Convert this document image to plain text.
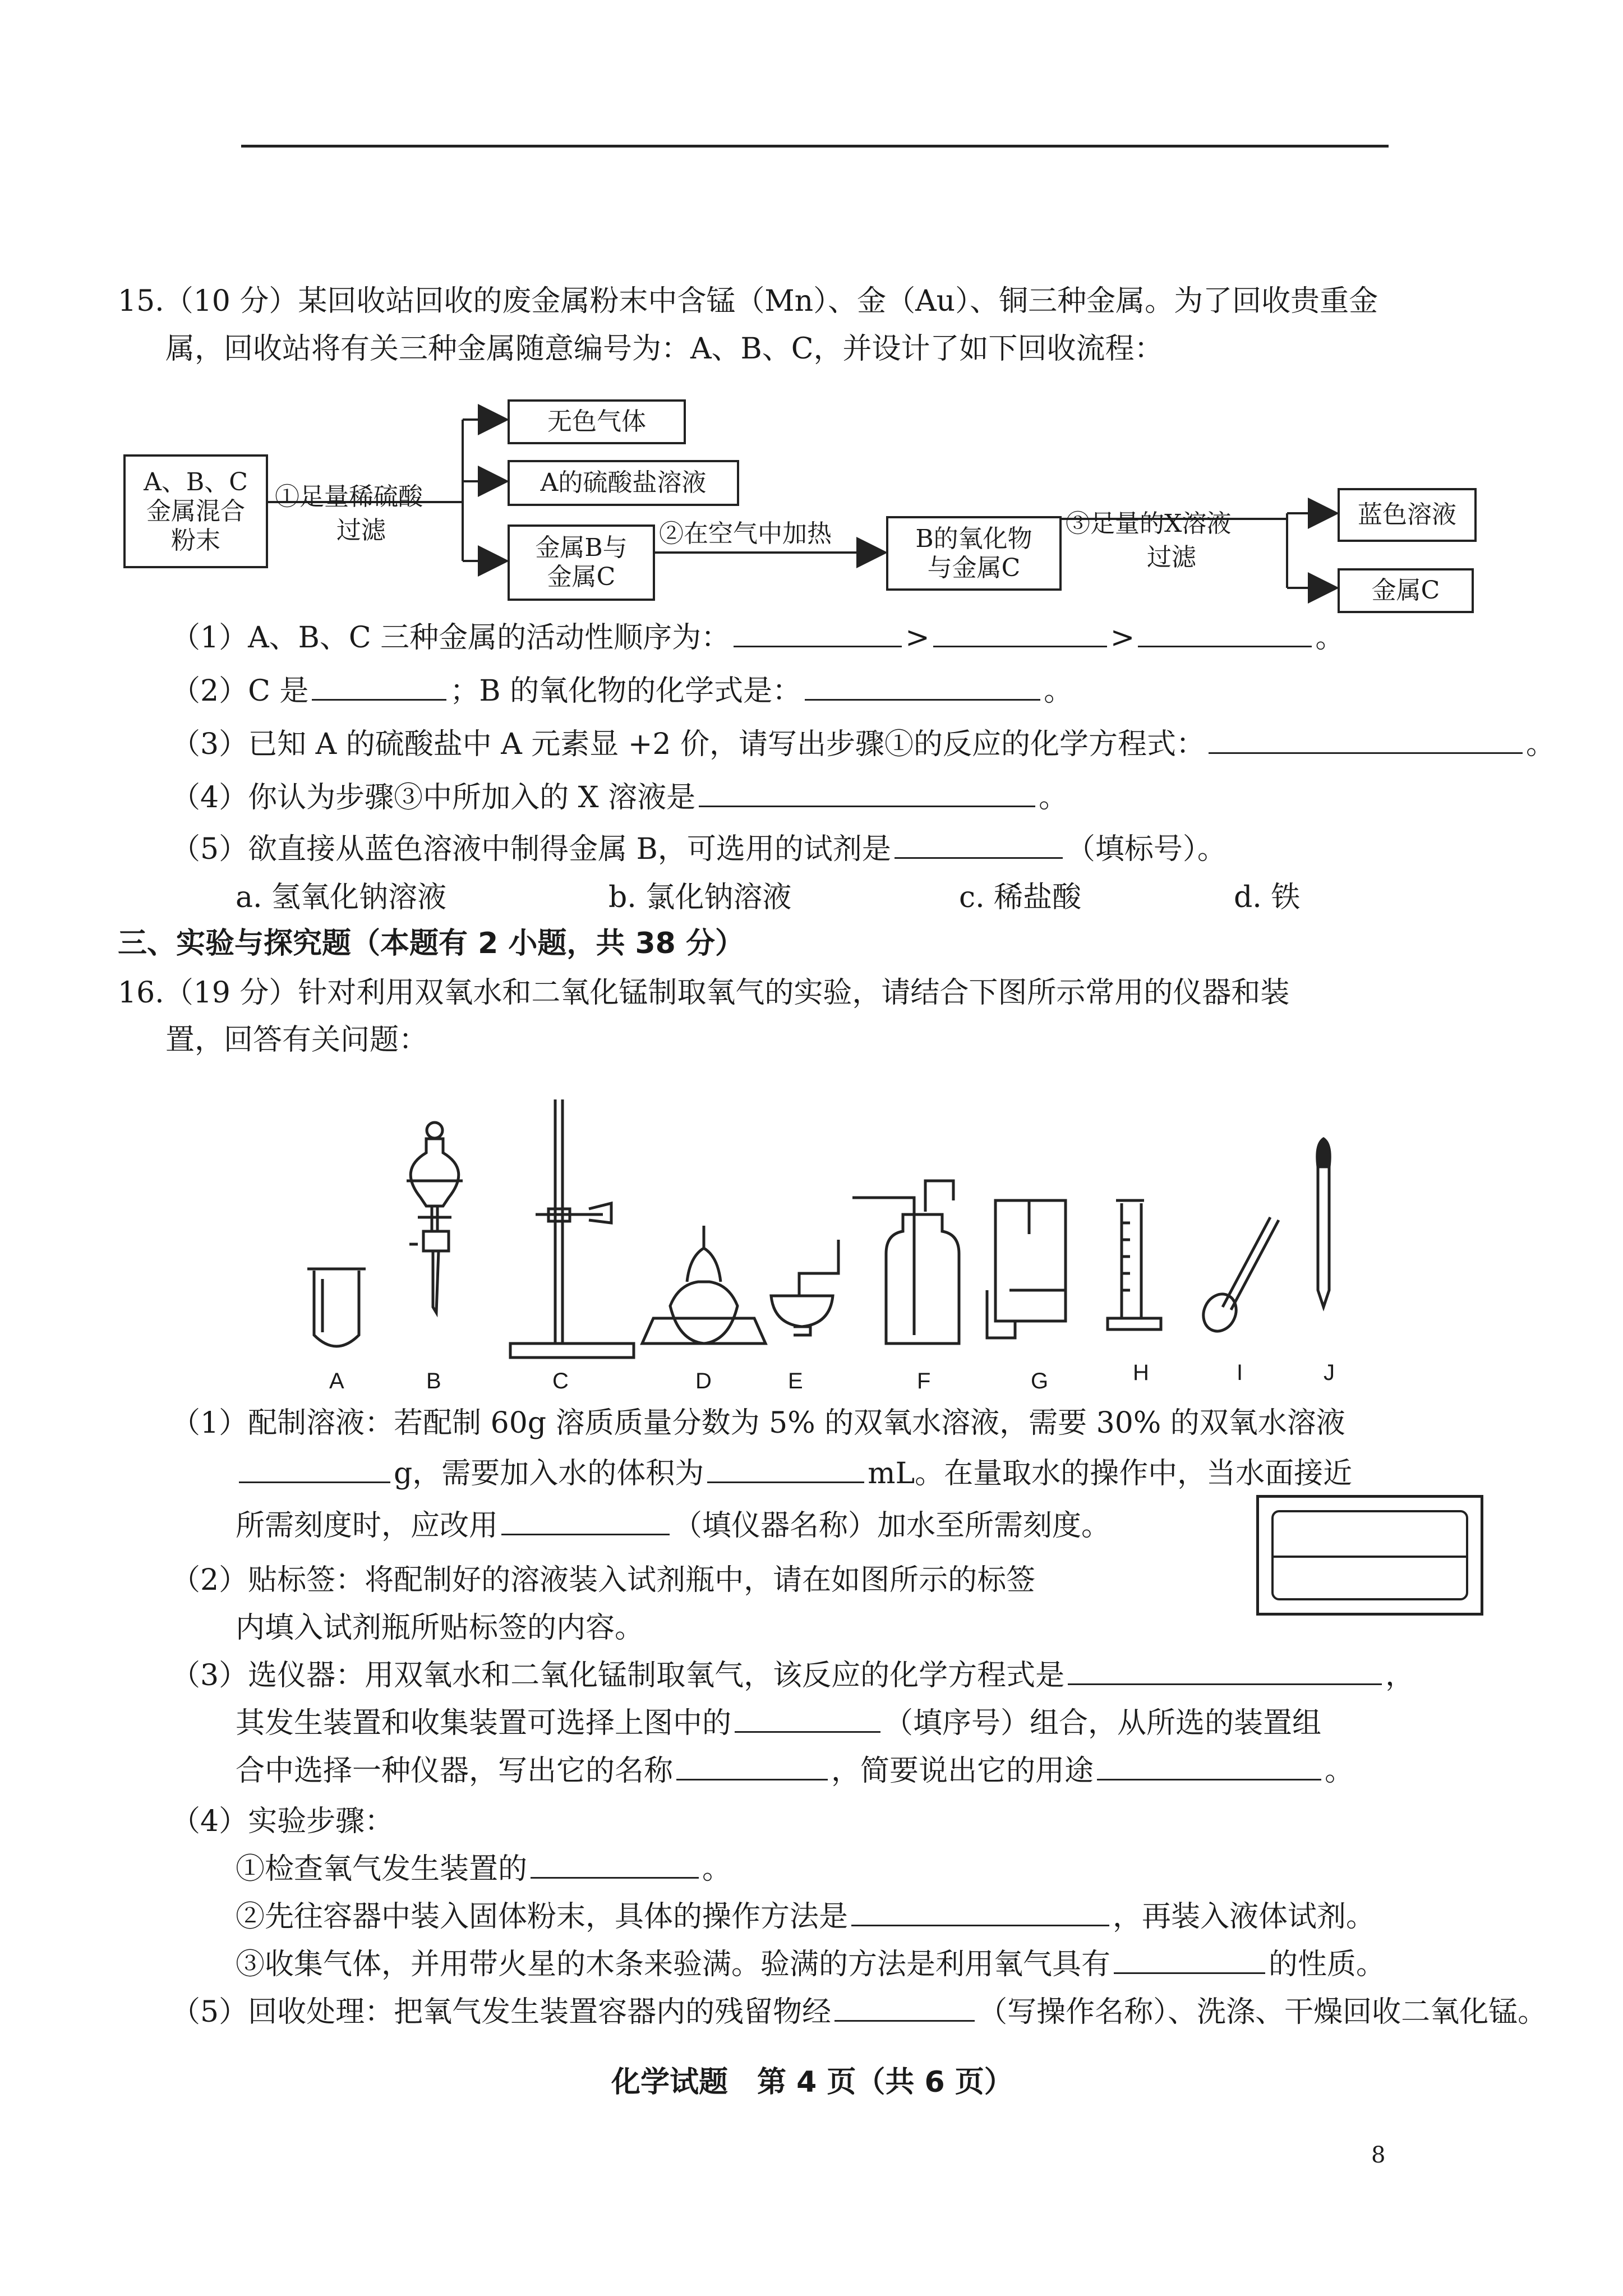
15.（10 分）某回收站回收的废金属粉末中含锰（Mn）、金（Au）、铜三种金属。为了回收贵重金
属，回收站将有关三种金属随意编号为：A、B、C，并设计了如下回收流程：
A、B、C
金属混合
粉末
①足量稀硫酸
过滤
无色气体
A的硫酸盐溶液
金属B与
金属C
②在空气中加热	B的氧化物
与金属C
③足量的X溶液
过滤
蓝色溶液
金属C
（1）A、B、C 三种金属的活动性顺序为：	>	>	。
（2）C 是	；B 的氧化物的化学式是：	。
（3）已知 A 的硫酸盐中 A 元素显 +2 价，请写出步骤①的反应的化学方程式：	。
（4）你认为步骤③中所加入的 X 溶液是	。
（5）欲直接从蓝色溶液中制得金属 B，可选用的试剂是	（填标号）。
a. 氢氧化钠溶液	b. 氯化钠溶液	c. 稀盐酸	d. 铁
三、实验与探究题（本题有 2 小题，共 38 分）
16.（19 分）针对利用双氧水和二氧化锰制取氧气的实验，请结合下图所示常用的仪器和装
置，回答有关问题：
A	B	C	D	E	F	G	H	I	J
（1）配制溶液：若配制 60g 溶质质量分数为 5% 的双氧水溶液，需要 30% 的双氧水溶液
g，需要加入水的体积为	mL。在量取水的操作中，当水面接近
所需刻度时，应改用	（填仪器名称）加水至所需刻度。
（2）贴标签：将配制好的溶液装入试剂瓶中，请在如图所示的标签
内填入试剂瓶所贴标签的内容。
（3）选仪器：用双氧水和二氧化锰制取氧气，该反应的化学方程式是	，
其发生装置和收集装置可选择上图中的	（填序号）组合，从所选的装置组
合中选择一种仪器，写出它的名称	，简要说出它的用途	。
（4）实验步骤：
①检查氧气发生装置的	。
②先往容器中装入固体粉末，具体的操作方法是	，再装入液体试剂。
③收集气体，并用带火星的木条来验满。验满的方法是利用氧气具有	的性质。
（5）回收处理：把氧气发生装置容器内的残留物经	（写操作名称）、洗涤、干燥回收二氧化锰。
化学试题　第 4 页（共 6 页）
8
